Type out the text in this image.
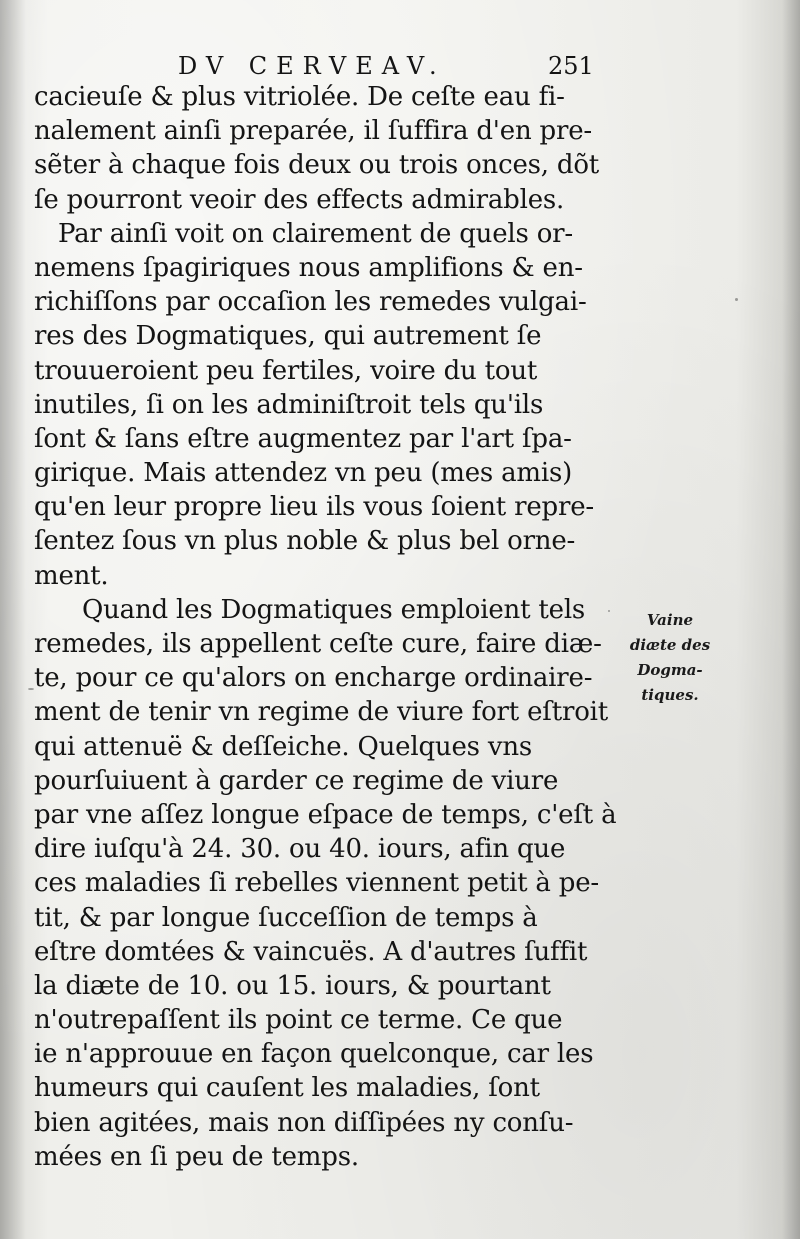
DV CERVEAV.	251
cacieuſe & plus vitriolée. De ceſte eau fi-
nalement ainſi preparée, il ſuffira d'en pre-
sẽter à chaque fois deux ou trois onces, dõt
ſe pourront veoir des effects admirables.
Par ainſi voit on clairement de quels or-
nemens ſpagiriques nous amplifions & en-
richiſſons par occaſion les remedes vulgai-
res des Dogmatiques, qui autrement ſe
trouueroient peu fertiles, voire du tout
inutiles, ſi on les adminiſtroit tels qu'ils
ſont & ſans eſtre augmentez par l'art ſpa-
girique. Mais attendez vn peu (mes amis)
qu'en leur propre lieu ils vous ſoient repre-
ſentez ſous vn plus noble & plus bel orne-
ment.
Quand les Dogmatiques emploient tels
remedes, ils appellent ceſte cure, faire diæ-
te, pour ce qu'alors on encharge ordinaire-
ment de tenir vn regime de viure fort eſtroit
qui attenuë & deſſeiche. Quelques vns
pourſuiuent à garder ce regime de viure
par vne aſſez longue eſpace de temps, c'eſt à
dire iuſqu'à 24. 30. ou 40. iours, afin que
ces maladies ſi rebelles viennent petit à pe-
tit, & par longue ſucceſſion de temps à
eſtre domtées & vaincuës. A d'autres ſuffit
la diæte de 10. ou 15. iours, & pourtant
n'outrepaſſent ils point ce terme. Ce que
ie n'approuue en façon quelconque, car les
humeurs qui cauſent les maladies, ſont
bien agitées, mais non diſſipées ny conſu-
mées en ſi peu de temps.
Vaine
diæte des
Dogma-
tiques.
